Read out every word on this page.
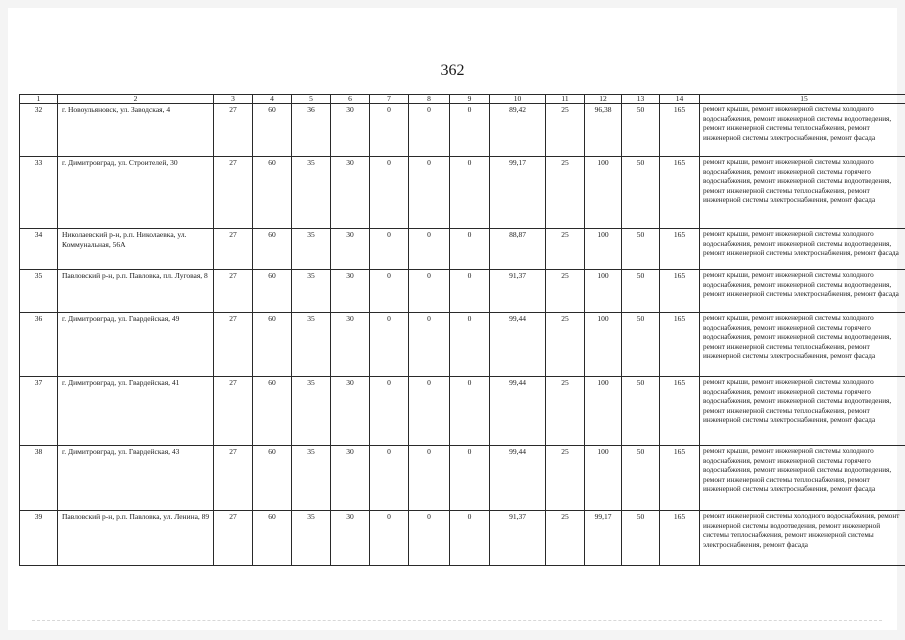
362
1	2	3	4	5	6	7	8	9	10	11	12	13	14	15
32	г. Новоульяновск, ул. Заводская, 4	27	60	36	30	0	0	0	89,42	25	96,38	50	165	ремонт крыши, ремонт инженерной системы холодного водоснабжения, ремонт инженерной системы водоотведения, ремонт инженерной системы теплоснабжения, ремонт инженерной системы электроснабжения, ремонт фасада
33	г. Димитровград, ул. Строителей, 30	27	60	35	30	0	0	0	99,17	25	100	50	165	ремонт крыши, ремонт инженерной системы холодного водоснабжения, ремонт инженерной системы горячего водоснабжения, ремонт инженерной системы водоотведения, ремонт инженерной системы теплоснабжения, ремонт инженерной системы электроснабжения, ремонт фасада
34	Николаевский р-н, р.п. Николаевка, ул. Коммунальная, 56А	27	60	35	30	0	0	0	88,87	25	100	50	165	ремонт крыши, ремонт инженерной системы холодного водоснабжения, ремонт инженерной системы водоотведения, ремонт инженерной системы электроснабжения, ремонт фасада
35	Павловский р-н, р.п. Павловка, пл. Луговая, 8	27	60	35	30	0	0	0	91,37	25	100	50	165	ремонт крыши, ремонт инженерной системы холодного водоснабжения, ремонт инженерной системы водоотведения, ремонт инженерной системы электроснабжения, ремонт фасада
36	г. Димитровград, ул. Гвардейская, 49	27	60	35	30	0	0	0	99,44	25	100	50	165	ремонт крыши, ремонт инженерной системы холодного водоснабжения, ремонт инженерной системы горячего водоснабжения, ремонт инженерной системы водоотведения, ремонт инженерной системы теплоснабжения, ремонт инженерной системы электроснабжения, ремонт фасада
37	г. Димитровград, ул. Гвардейская, 41	27	60	35	30	0	0	0	99,44	25	100	50	165	ремонт крыши, ремонт инженерной системы холодного водоснабжения, ремонт инженерной системы горячего водоснабжения, ремонт инженерной системы водоотведения, ремонт инженерной системы теплоснабжения, ремонт инженерной системы электроснабжения, ремонт фасада
38	г. Димитровград, ул. Гвардейская, 43	27	60	35	30	0	0	0	99,44	25	100	50	165	ремонт крыши, ремонт инженерной системы холодного водоснабжения, ремонт инженерной системы горячего водоснабжения, ремонт инженерной системы водоотведения, ремонт инженерной системы теплоснабжения, ремонт инженерной системы электроснабжения, ремонт фасада
39	Павловский р-н, р.п. Павловка, ул. Ленина, 89	27	60	35	30	0	0	0	91,37	25	99,17	50	165	ремонт инженерной системы холодного водоснабжения, ремонт инженерной системы водоотведения, ремонт инженерной системы теплоснабжения, ремонт инженерной системы электроснабжения, ремонт фасада
